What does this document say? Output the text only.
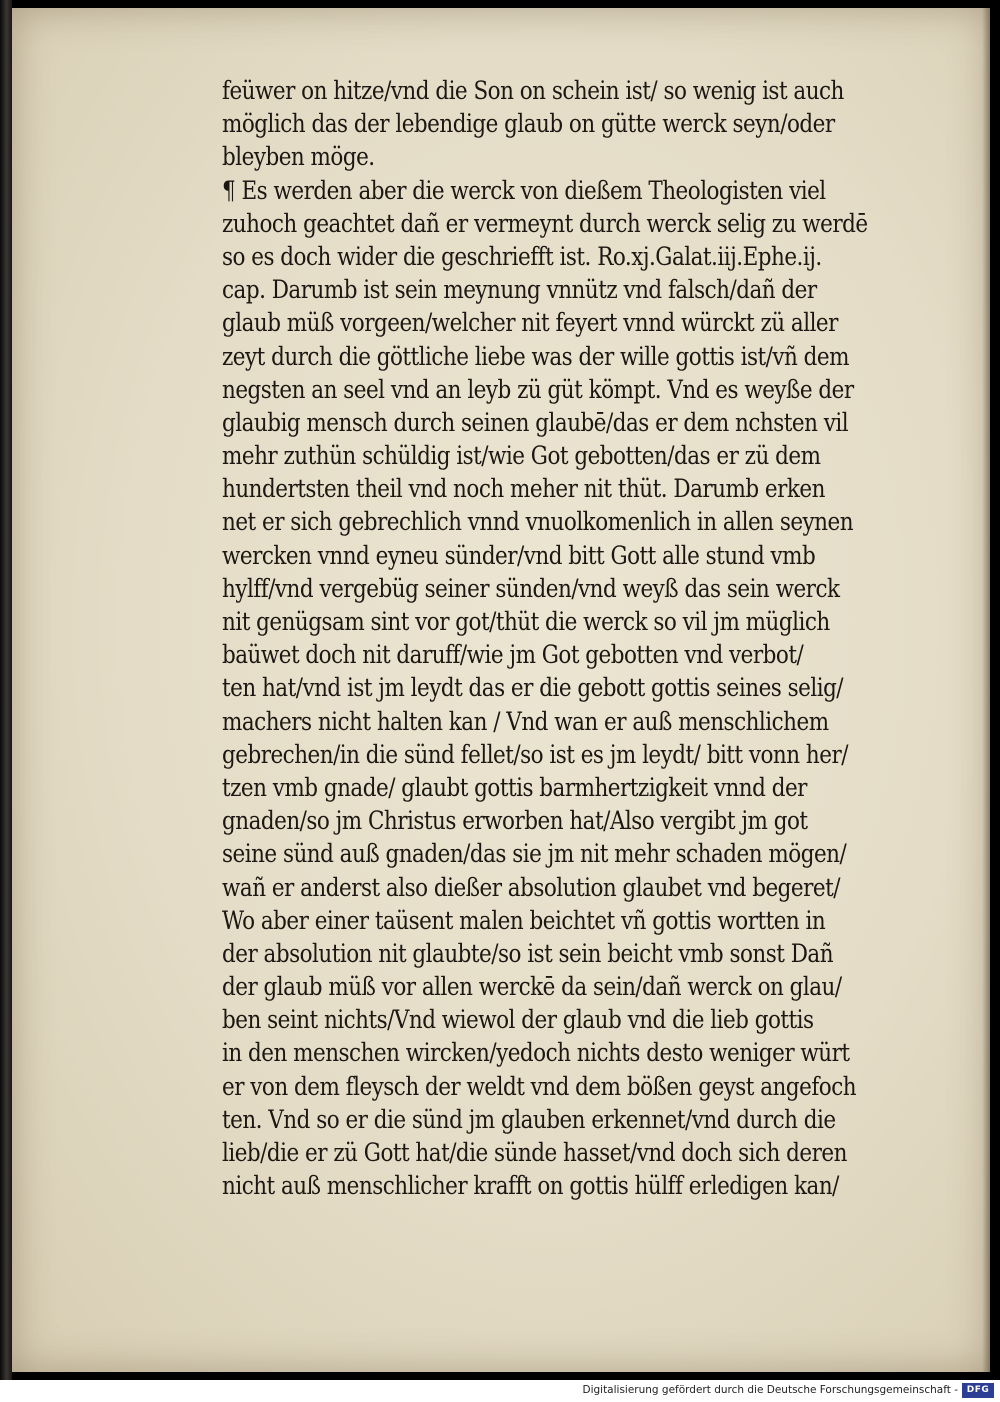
feüwer on hitze/vnd die Son on schein ist/ so wenig ist auch
möglich das der lebendige glaub on gütte werck seyn/oder
bleyben möge.
¶ Es werden aber die werck von dießem Theologisten viel
zuhoch geachtet dañ er vermeynt durch werck selig zu werdē
so es doch wider die geschriefft ist. Ro.xj.Galat.iij.Ephe.ij.
cap. Darumb ist sein meynung vnnütz vnd falsch/dañ der
glaub müß vorgeen/welcher nit feyert vnnd würckt zü aller
zeyt durch die göttliche liebe was der wille gottis ist/vñ dem
negsten an seel vnd an leyb zü güt kömpt. Vnd es weyße der
glaubig mensch durch seinen glaubē/das er dem nchsten vil
mehr zuthün schüldig ist/wie Got gebotten/das er zü dem
hundertsten theil vnd noch meher nit thüt. Darumb erken
net er sich gebrechlich vnnd vnuolkomenlich in allen seynen
wercken vnnd eyneu sünder/vnd bitt Gott alle stund vmb
hylff/vnd vergebüg seiner sünden/vnd weyß das sein werck
nit genügsam sint vor got/thüt die werck so vil jm müglich
baüwet doch nit daruff/wie jm Got gebotten vnd verbot/
ten hat/vnd ist jm leydt das er die gebott gottis seines selig/
machers nicht halten kan / Vnd wan er auß menschlichem
gebrechen/in die sünd fellet/so ist es jm leydt/ bitt vonn her/
tzen vmb gnade/ glaubt gottis barmhertzigkeit vnnd der
gnaden/so jm Christus erworben hat/Also vergibt jm got
seine sünd auß gnaden/das sie jm nit mehr schaden mögen/
wañ er anderst also dießer absolution glaubet vnd begeret/
Wo aber einer taüsent malen beichtet vñ gottis wortten in
der absolution nit glaubte/so ist sein beicht vmb sonst Dañ
der glaub müß vor allen werckē da sein/dañ werck on glau/
ben seint nichts/Vnd wiewol der glaub vnd die lieb gottis
in den menschen wircken/yedoch nichts desto weniger würt
er von dem fleysch der weldt vnd dem bößen geyst angefoch
ten. Vnd so er die sünd jm glauben erkennet/vnd durch die
lieb/die er zü Gott hat/die sünde hasset/vnd doch sich deren
nicht auß menschlicher krafft on gottis hülff erledigen kan/
Digitalisierung gefördert durch die Deutsche Forschungsgemeinschaft - DFG
